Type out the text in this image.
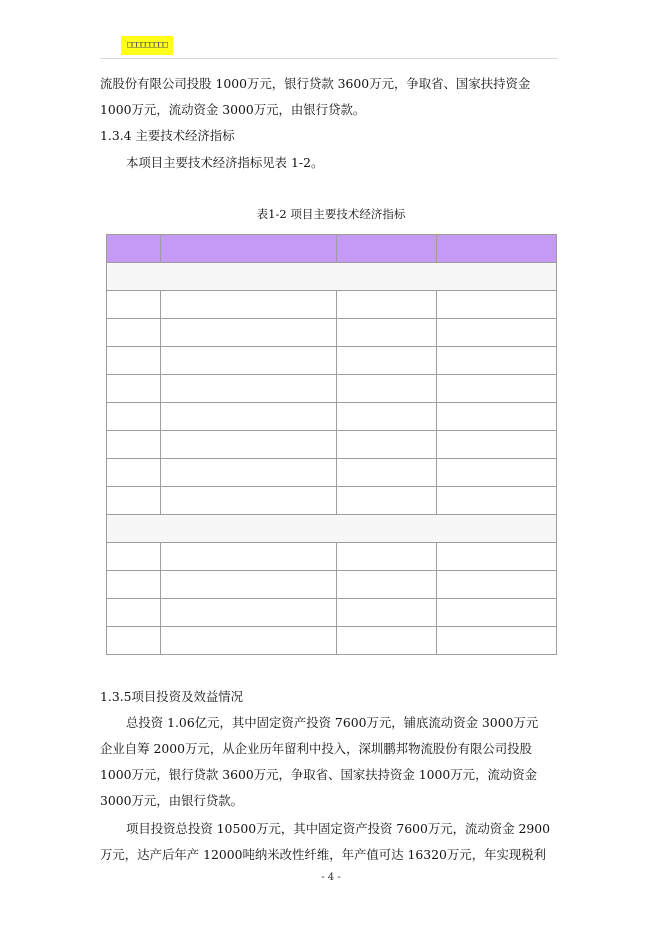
□□□□□□□□□

流股份有限公司投股 1000万元，银行贷款 3600万元，争取省、国家扶持资金

1000万元，流动资金 3000万元，由银行贷款。

1.3.4 主要技术经济指标

本项目主要技术经济指标见表 1-2。

表1-2 项目主要技术经济指标

1.3.5项目投资及效益情况

总投资 1.06亿元，其中固定资产投资 7600万元，铺底流动资金 3000万元

企业自筹 2000万元，从企业历年留利中投入，深圳鹏邦物流股份有限公司投股

1000万元，银行贷款 3600万元，争取省、国家扶持资金 1000万元，流动资金

3000万元，由银行贷款。

项目投资总投资 10500万元，其中固定资产投资 7600万元，流动资金 2900

万元，达产后年产 12000吨纳米改性纤维，年产值可达 16320万元，年实现税利

- 4 -
